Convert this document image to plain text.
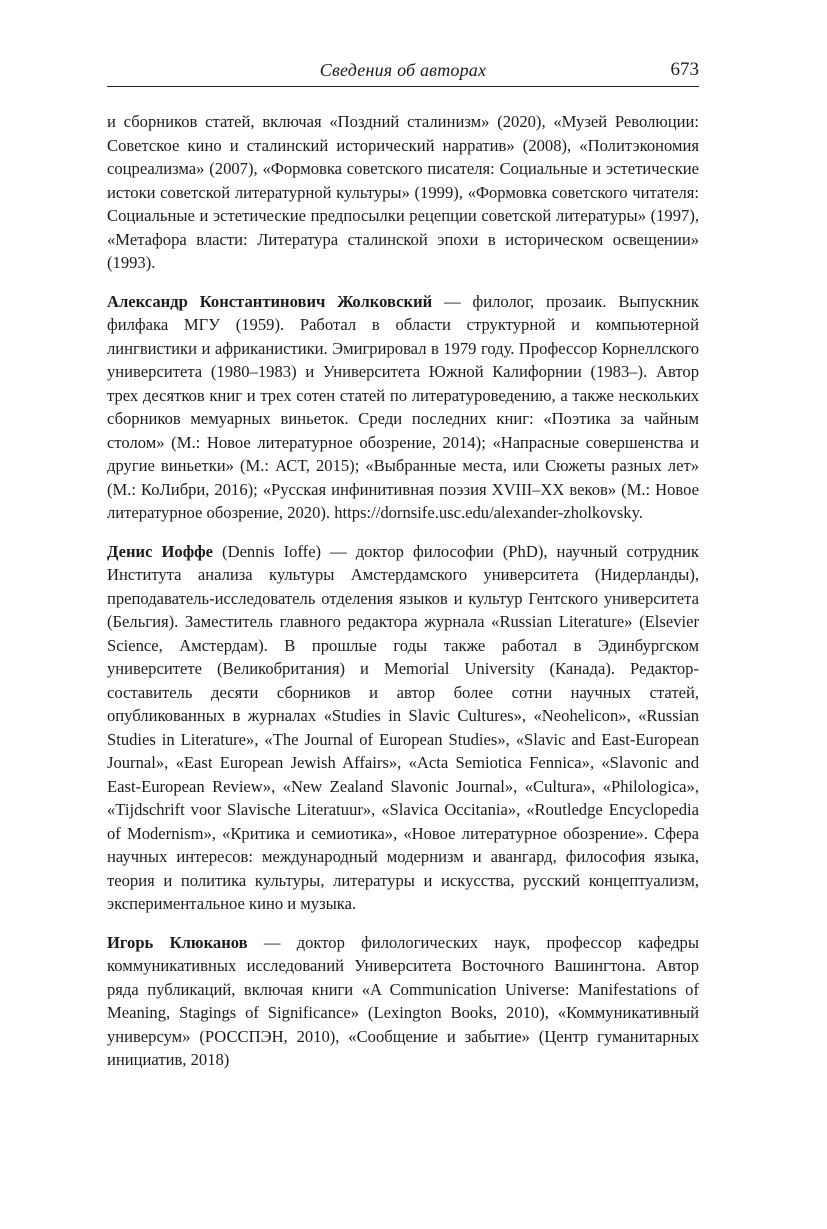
Сведения об авторах	673

и сборников статей, включая «Поздний сталинизм» (2020), «Музей Революции: Советское кино и сталинский исторический нарратив» (2008), «Политэкономия соцреализма» (2007), «Формовка советского писателя: Социальные и эстетические истоки советской литературной культуры» (1999), «Формовка советского читателя: Социальные и эстетические предпосылки рецепции советской литературы» (1997), «Метафора власти: Литература сталинской эпохи в историческом освещении» (1993).

Александр Константинович Жолковский — филолог, прозаик. Выпускник филфака МГУ (1959). Работал в области структурной и компьютерной лингвистики и африканистики. Эмигрировал в 1979 году. Профессор Корнеллского университета (1980–1983) и Университета Южной Калифорнии (1983–). Автор трех десятков книг и трех сотен статей по литературоведению, а также нескольких сборников мемуарных виньеток. Среди последних книг: «Поэтика за чайным столом» (М.: Новое литературное обозрение, 2014); «Напрасные совершенства и другие виньетки» (М.: АСТ, 2015); «Выбранные места, или Сюжеты разных лет» (М.: КоЛибри, 2016); «Русская инфинитивная поэзия XVIII–XX веков» (М.: Новое литературное обозрение, 2020). https://dornsife.usc.edu/alexander-zholkovsky.

Денис Иоффе (Dennis Ioffe) — доктор философии (PhD), научный сотрудник Института анализа культуры Амстердамского университета (Нидерланды), преподаватель-исследователь отделения языков и культур Гентского университета (Бельгия). Заместитель главного редактора журнала «Russian Literature» (Elsevier Science, Амстердам). В прошлые годы также работал в Эдинбургском университете (Великобритания) и Memorial University (Канада). Редактор-составитель десяти сборников и автор более сотни научных статей, опубликованных в журналах «Studies in Slavic Cultures», «Neohelicon», «Russian Studies in Literature», «The Journal of European Studies», «Slavic and East-European Journal», «East European Jewish Affairs», «Acta Semiotica Fennica», «Slavonic and East-European Review», «New Zealand Slavonic Journal», «Cultura», «Philologica», «Tijdschrift voor Slavische Literatuur», «Slavica Occitania», «Routledge Encyclopedia of Modernism», «Критика и семиотика», «Новое литературное обозрение». Сфера научных интересов: международный модернизм и авангард, философия языка, теория и политика культуры, литературы и искусства, русский концептуализм, экспериментальное кино и музыка.

Игорь Клюканов — доктор филологических наук, профессор кафедры коммуникативных исследований Университета Восточного Вашингтона. Автор ряда публикаций, включая книги «A Communication Universe: Manifestations of Meaning, Stagings of Significance» (Lexington Books, 2010), «Коммуникативный универсум» (РОССПЭН, 2010), «Сообщение и забытие» (Центр гуманитарных инициатив, 2018)
